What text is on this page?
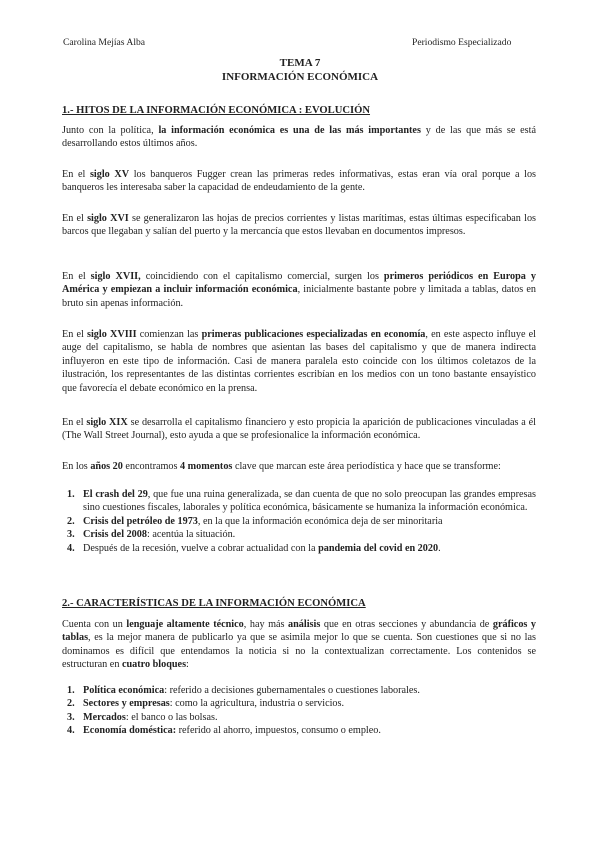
Carolina Mejías Alba	Periodismo Especializado
TEMA 7
INFORMACIÓN ECONÓMICA
1.- HITOS DE LA INFORMACIÓN ECONÓMICA : EVOLUCIÓN

Junto con la política, la información económica es una de las más importantes y de las que más se está desarrollando estos últimos años.

En el siglo XV los banqueros Fugger crean las primeras redes informativas, estas eran vía oral porque a los banqueros les interesaba saber la capacidad de endeudamiento de la gente.

En el siglo XVI se generalizaron las hojas de precios corrientes y listas marítimas, estas últimas especificaban los barcos que llegaban y salían del puerto y la mercancía que estos llevaban en documentos impresos.

En el siglo XVII, coincidiendo con el capitalismo comercial, surgen los primeros periódicos en Europa y América y empiezan a incluir información económica, inicialmente bastante pobre y limitada a tablas, datos en bruto sin apenas información.

En el siglo XVIII comienzan las primeras publicaciones especializadas en economía, en este aspecto influye el auge del capitalismo, se habla de nombres que asientan las bases del capitalismo y que de manera indirecta influyeron en este tipo de información. Casi de manera paralela esto coincide con los últimos coletazos de la ilustración, los representantes de las distintas corrientes escribían en los medios con un tono bastante ensayístico que favorecía el debate económico en la prensa.

En el siglo XIX se desarrolla el capitalismo financiero y esto propicia la aparición de publicaciones vinculadas a él (The Wall Street Journal), esto ayuda a que se profesionalice la información económica.

En los años 20 encontramos 4 momentos clave que marcan este área periodística y hace que se transforme:

1. El crash del 29, que fue una ruina generalizada, se dan cuenta de que no solo preocupan las grandes empresas sino cuestiones fiscales, laborales y política económica, básicamente se humaniza la información económica.
2. Crisis del petróleo de 1973, en la que la información económica deja de ser minoritaria
3. Crisis del 2008: acentúa la situación.
4. Después de la recesión, vuelve a cobrar actualidad con la pandemia del covid en 2020.
2.- CARACTERÍSTICAS DE LA INFORMACIÓN ECONÓMICA

Cuenta con un lenguaje altamente técnico, hay más análisis que en otras secciones y abundancia de gráficos y tablas, es la mejor manera de publicarlo ya que se asimila mejor lo que se cuenta. Son cuestiones que si no las dominamos es difícil que entendamos la noticia si no la contextualizan correctamente. Los contenidos se estructuran en cuatro bloques:

1. Política económica: referido a decisiones gubernamentales o cuestiones laborales.
2. Sectores y empresas: como la agricultura, industria o servicios.
3. Mercados: el banco o las bolsas.
4. Economía doméstica: referido al ahorro, impuestos, consumo o empleo.
